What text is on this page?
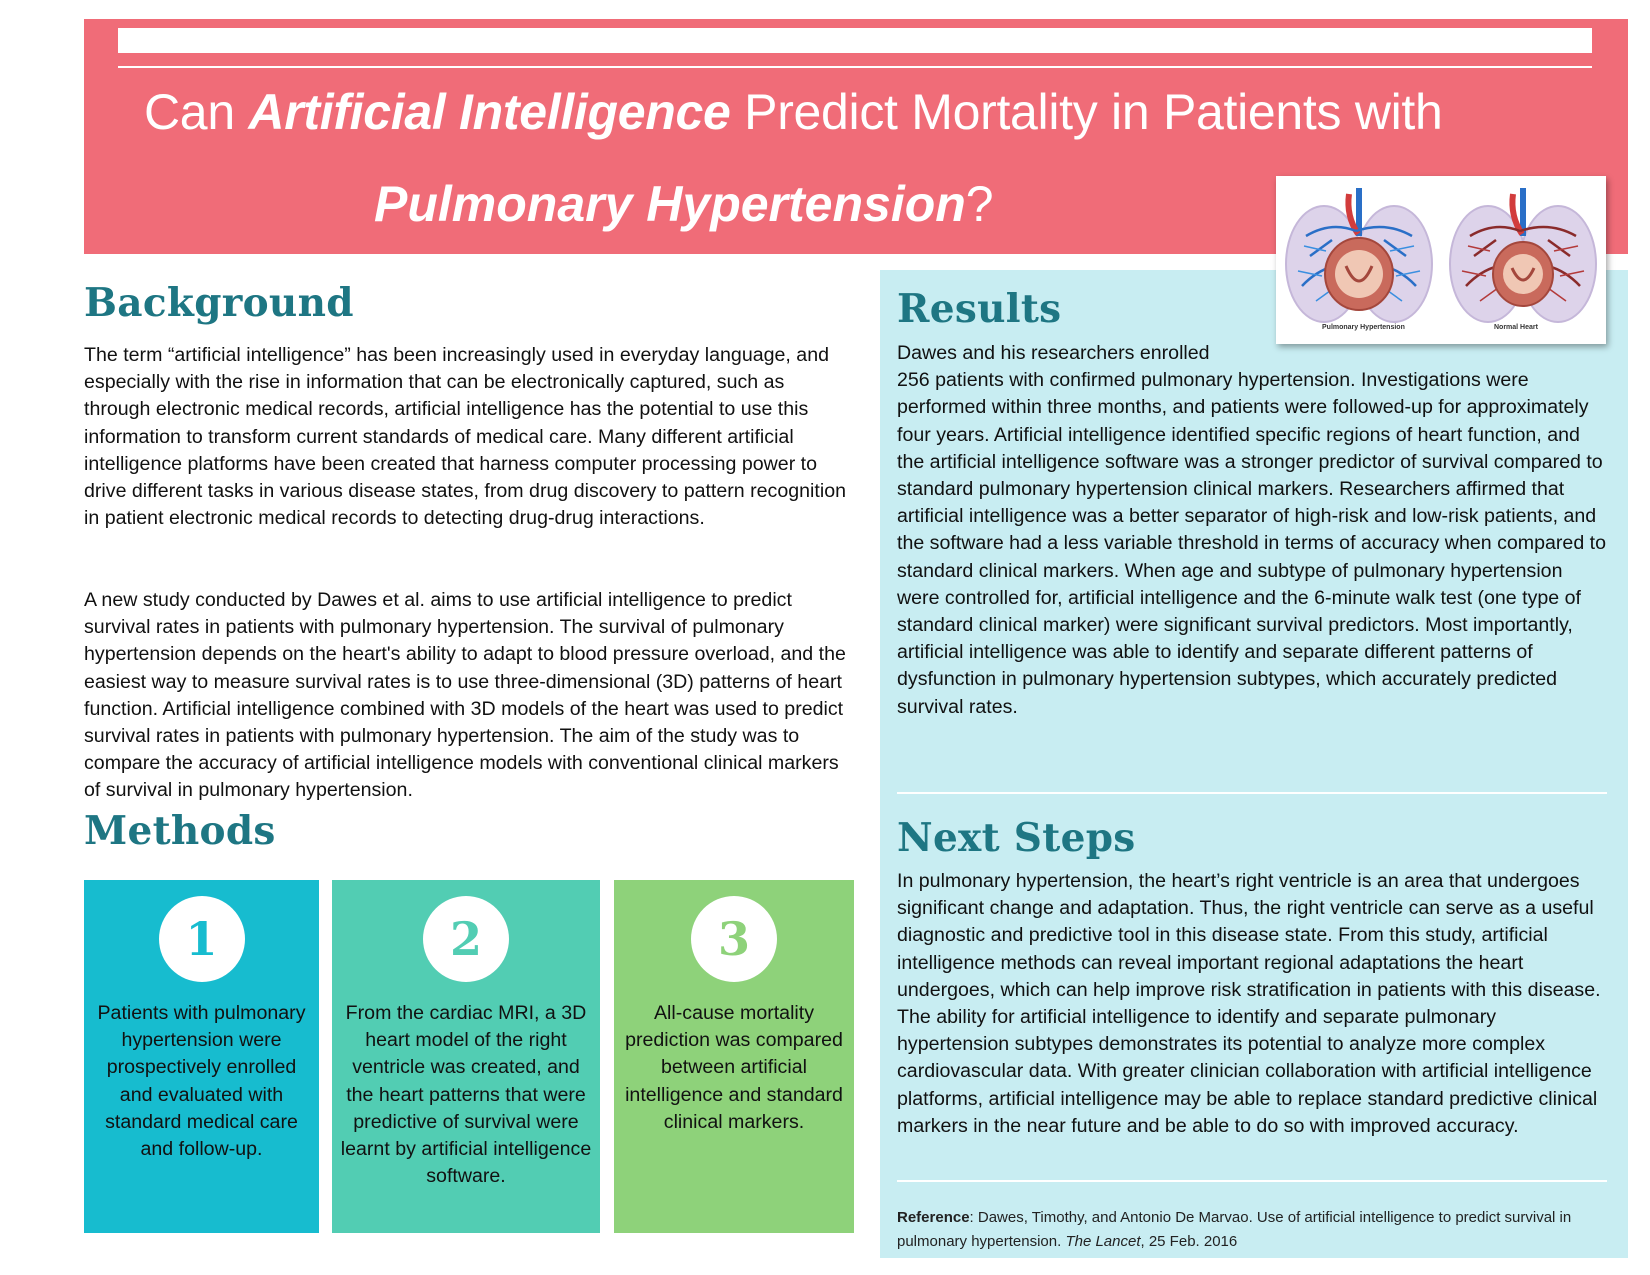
Can Artificial Intelligence Predict Mortality in Patients with
Pulmonary Hypertension?
Pulmonary Hypertension	Normal Heart
Background
The term “artificial intelligence” has been increasingly used in everyday language, and especially with the rise in information that can be electronically captured, such as through electronic medical records, artificial intelligence has the potential to use this information to transform current standards of medical care. Many different artificial intelligence platforms have been created that harness computer processing power to drive different tasks in various disease states, from drug discovery to pattern recognition in patient electronic medical records to detecting drug-drug interactions.
A new study conducted by Dawes et al. aims to use artificial intelligence to predict survival rates in patients with pulmonary hypertension. The survival of pulmonary hypertension depends on the heart's ability to adapt to blood pressure overload, and the easiest way to measure survival rates is to use three-dimensional (3D) patterns of heart function. Artificial intelligence combined with 3D models of the heart was used to predict survival rates in patients with pulmonary hypertension. The aim of the study was to compare the accuracy of artificial intelligence models with conventional clinical markers of survival in pulmonary hypertension.
Methods
1
Patients with pulmonary hypertension were prospectively enrolled and evaluated with standard medical care and follow-up.
2
From the cardiac MRI, a 3D heart model of the right ventricle was created, and the heart patterns that were predictive of survival were learnt by artificial intelligence software.
3
All-cause mortality prediction was compared between artificial intelligence and standard clinical markers.
Results
Dawes and his researchers enrolled
256 patients with confirmed pulmonary hypertension. Investigations were performed within three months, and patients were followed-up for approximately four years. Artificial intelligence identified specific regions of heart function, and the artificial intelligence software was a stronger predictor of survival compared to standard pulmonary hypertension clinical markers. Researchers affirmed that artificial intelligence was a better separator of high-risk and low-risk patients, and the software had a less variable threshold in terms of accuracy when compared to standard clinical markers. When age and subtype of pulmonary hypertension were controlled for, artificial intelligence and the 6-minute walk test (one type of standard clinical marker) were significant survival predictors. Most importantly, artificial intelligence was able to identify and separate different patterns of dysfunction in pulmonary hypertension subtypes, which accurately predicted survival rates.
Next Steps
In pulmonary hypertension, the heart’s right ventricle is an area that undergoes significant change and adaptation. Thus, the right ventricle can serve as a useful diagnostic and predictive tool in this disease state. From this study, artificial intelligence methods can reveal important regional adaptations the heart undergoes, which can help improve risk stratification in patients with this disease. The ability for artificial intelligence to identify and separate pulmonary hypertension subtypes demonstrates its potential to analyze more complex cardiovascular data. With greater clinician collaboration with artificial intelligence platforms, artificial intelligence may be able to replace standard predictive clinical markers in the near future and be able to do so with improved accuracy.
Reference: Dawes, Timothy, and Antonio De Marvao. Use of artificial intelligence to predict survival in pulmonary hypertension. The Lancet, 25 Feb. 2016
